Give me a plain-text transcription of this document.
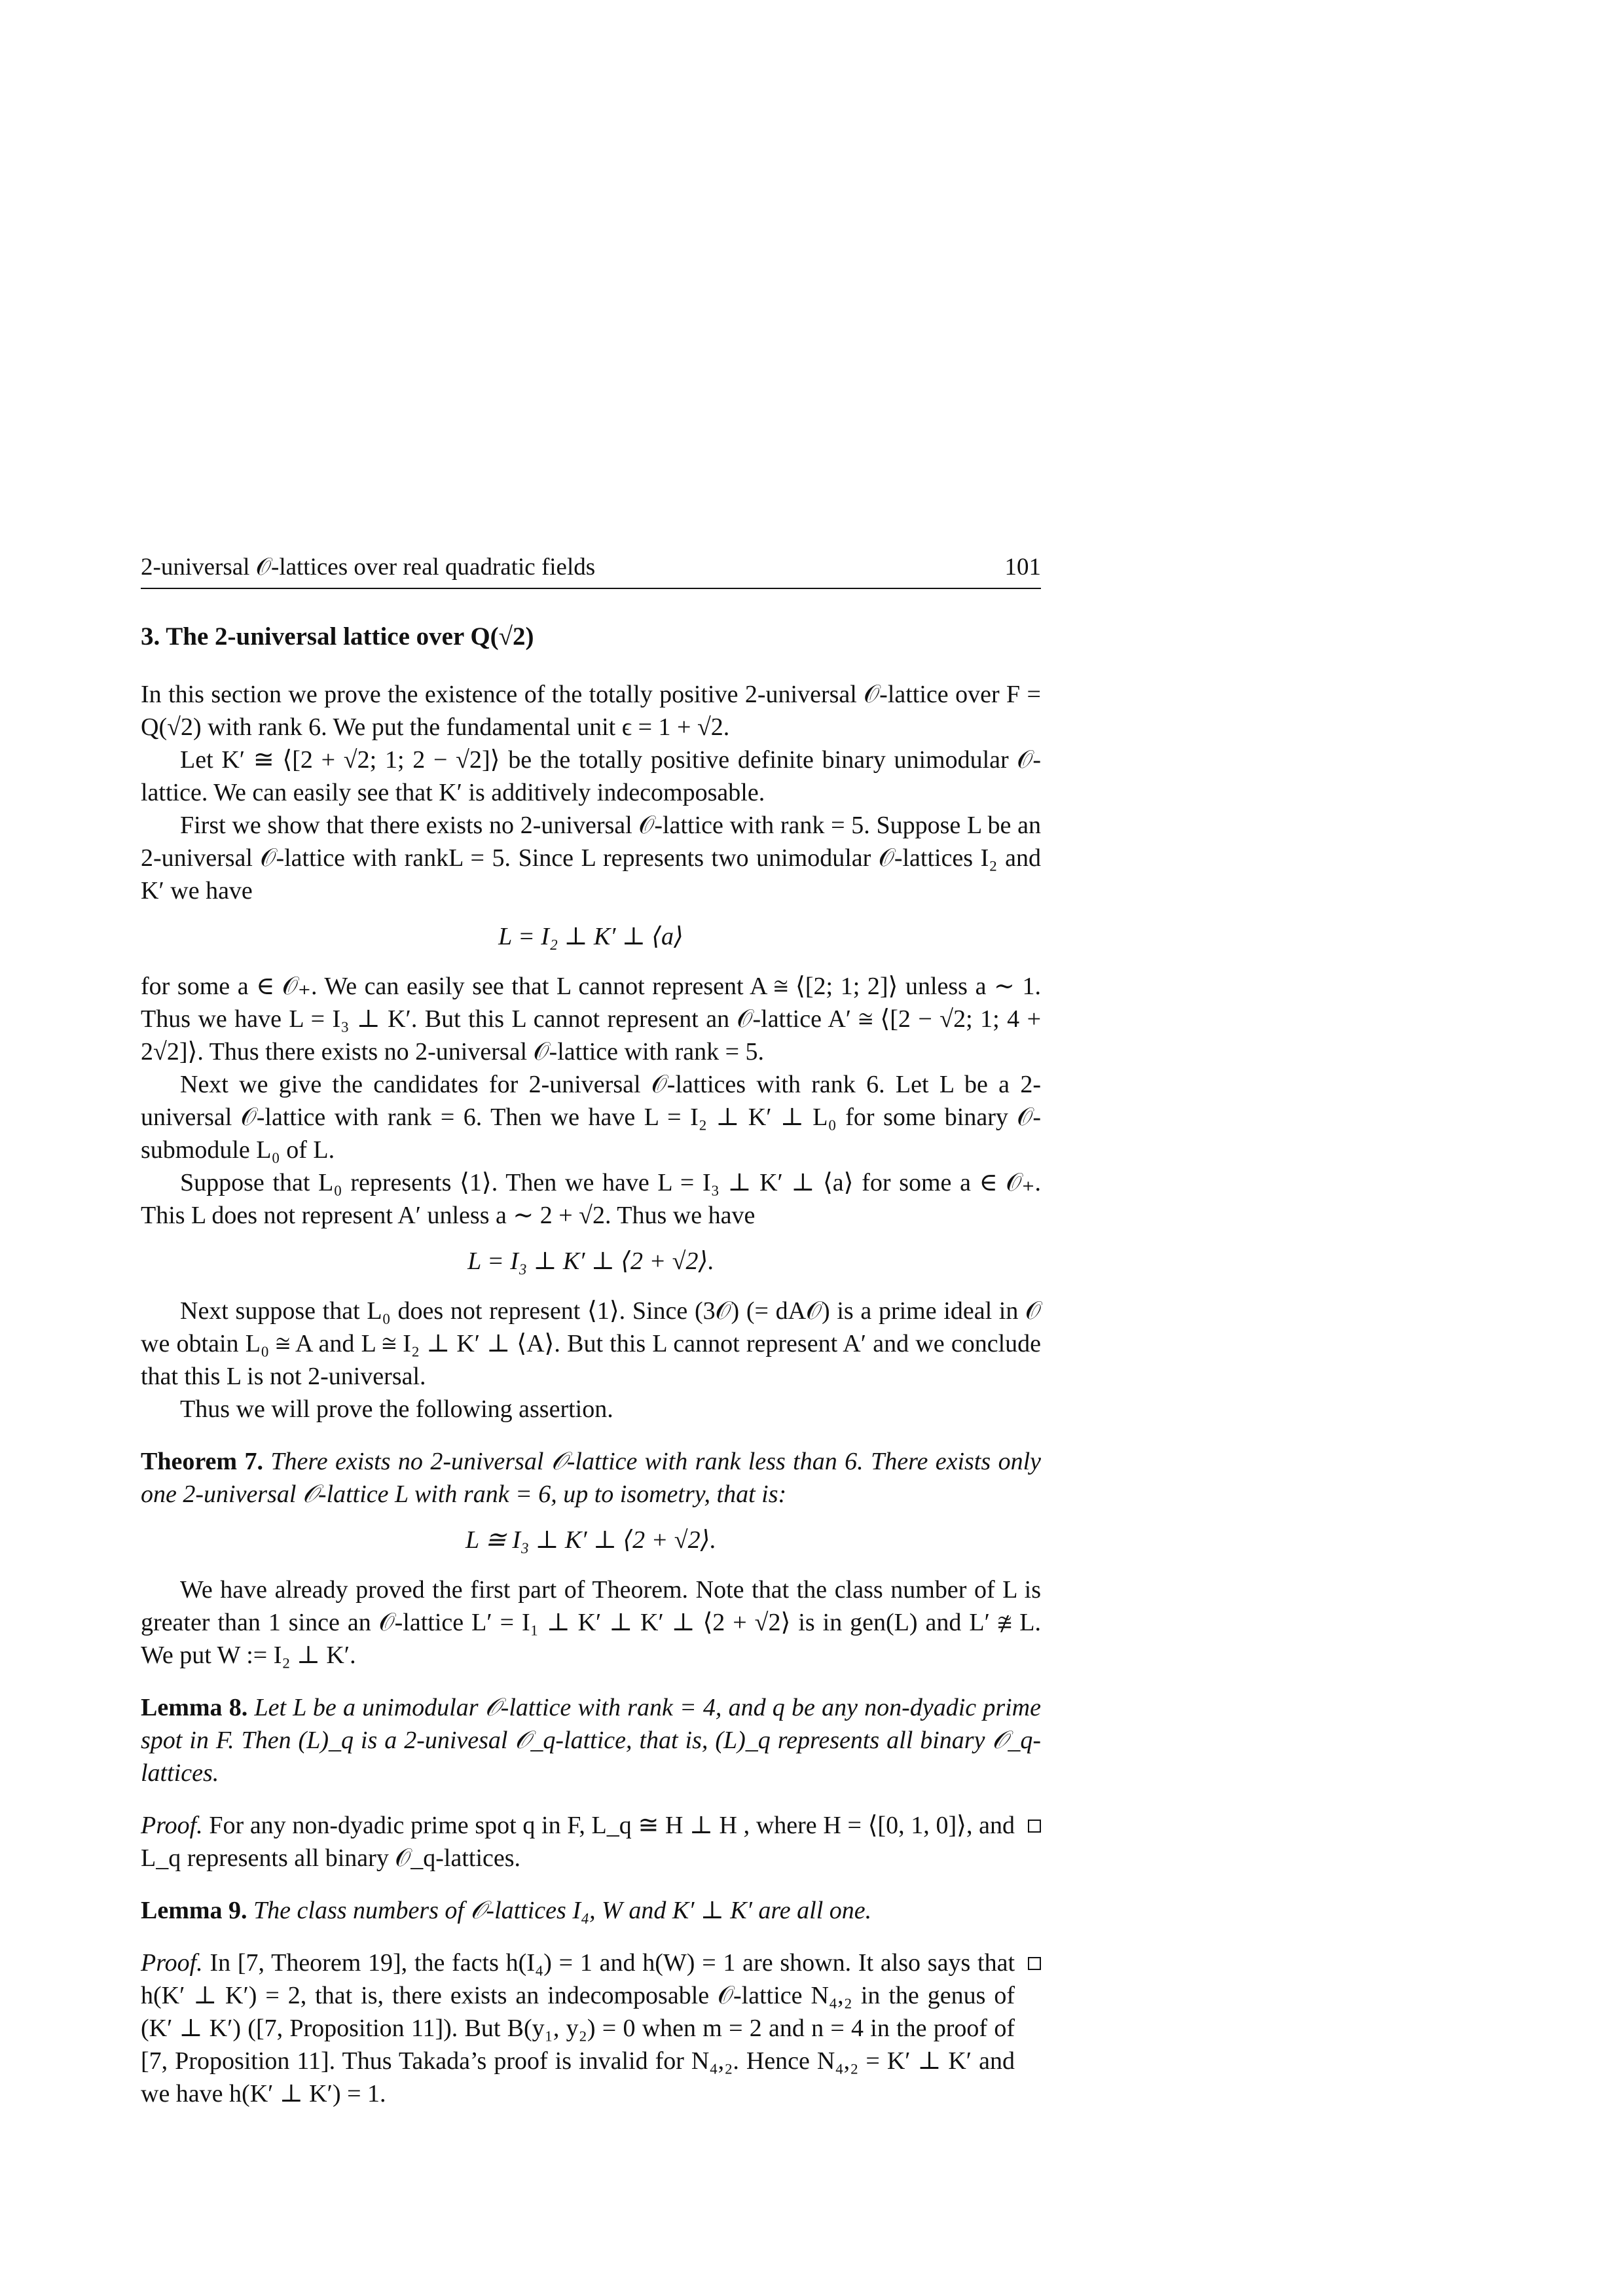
2-universal 𝒪-lattices over real quadratic fields	101
3. The 2-universal lattice over Q(√2)

In this section we prove the existence of the totally positive 2-universal 𝒪-lattice over F = Q(√2) with rank 6. We put the fundamental unit ϵ = 1 + √2.

Let K′ ≅ ⟨[2 + √2; 1; 2 − √2]⟩ be the totally positive definite binary unimodular 𝒪-lattice. We can easily see that K′ is additively indecomposable.

First we show that there exists no 2-universal 𝒪-lattice with rank = 5. Suppose L be an 2-universal 𝒪-lattice with rankL = 5. Since L represents two unimodular 𝒪-lattices I₂ and K′ we have

L = I₂ ⊥ K′ ⊥ ⟨a⟩

for some a ∈ 𝒪₊. We can easily see that L cannot represent A ≅ ⟨[2; 1; 2]⟩ unless a ∼ 1. Thus we have L = I₃ ⊥ K′. But this L cannot represent an 𝒪-lattice A′ ≅ ⟨[2 − √2; 1; 4 + 2√2]⟩. Thus there exists no 2-universal 𝒪-lattice with rank = 5.

Next we give the candidates for 2-universal 𝒪-lattices with rank 6. Let L be a 2-universal 𝒪-lattice with rank = 6. Then we have L = I₂ ⊥ K′ ⊥ L₀ for some binary 𝒪-submodule L₀ of L.

Suppose that L₀ represents ⟨1⟩. Then we have L = I₃ ⊥ K′ ⊥ ⟨a⟩ for some a ∈ 𝒪₊. This L does not represent A′ unless a ∼ 2 + √2. Thus we have

L = I₃ ⊥ K′ ⊥ ⟨2 + √2⟩.

Next suppose that L₀ does not represent ⟨1⟩. Since (3𝒪) (= dA𝒪) is a prime ideal in 𝒪 we obtain L₀ ≅ A and L ≅ I₂ ⊥ K′ ⊥ ⟨A⟩. But this L cannot represent A′ and we conclude that this L is not 2-universal.

Thus we will prove the following assertion.

Theorem 7. There exists no 2-universal 𝒪-lattice with rank less than 6. There exists only one 2-universal 𝒪-lattice L with rank = 6, up to isometry, that is:

L ≅ I₃ ⊥ K′ ⊥ ⟨2 + √2⟩.

We have already proved the first part of Theorem. Note that the class number of L is greater than 1 since an 𝒪-lattice L′ = I₁ ⊥ K′ ⊥ K′ ⊥ ⟨2 + √2⟩ is in gen(L) and L′ ≇ L. We put W := I₂ ⊥ K′.

Lemma 8. Let L be a unimodular 𝒪-lattice with rank = 4, and q be any non-dyadic prime spot in F. Then (L)_q is a 2-univesal 𝒪_q-lattice, that is, (L)_q represents all binary 𝒪_q-lattices.

Proof. For any non-dyadic prime spot q in F, L_q ≅ H ⊥ H , where H = ⟨[0, 1, 0]⟩, and L_q represents all binary 𝒪_q-lattices.

Lemma 9. The class numbers of 𝒪-lattices I₄, W and K′ ⊥ K′ are all one.

Proof. In [7, Theorem 19], the facts h(I₄) = 1 and h(W) = 1 are shown. It also says that h(K′ ⊥ K′) = 2, that is, there exists an indecomposable 𝒪-lattice N₄,₂ in the genus of (K′ ⊥ K′) ([7, Proposition 11]). But B(y₁, y₂) = 0 when m = 2 and n = 4 in the proof of [7, Proposition 11]. Thus Takada’s proof is invalid for N₄,₂. Hence N₄,₂ = K′ ⊥ K′ and we have h(K′ ⊥ K′) = 1.
